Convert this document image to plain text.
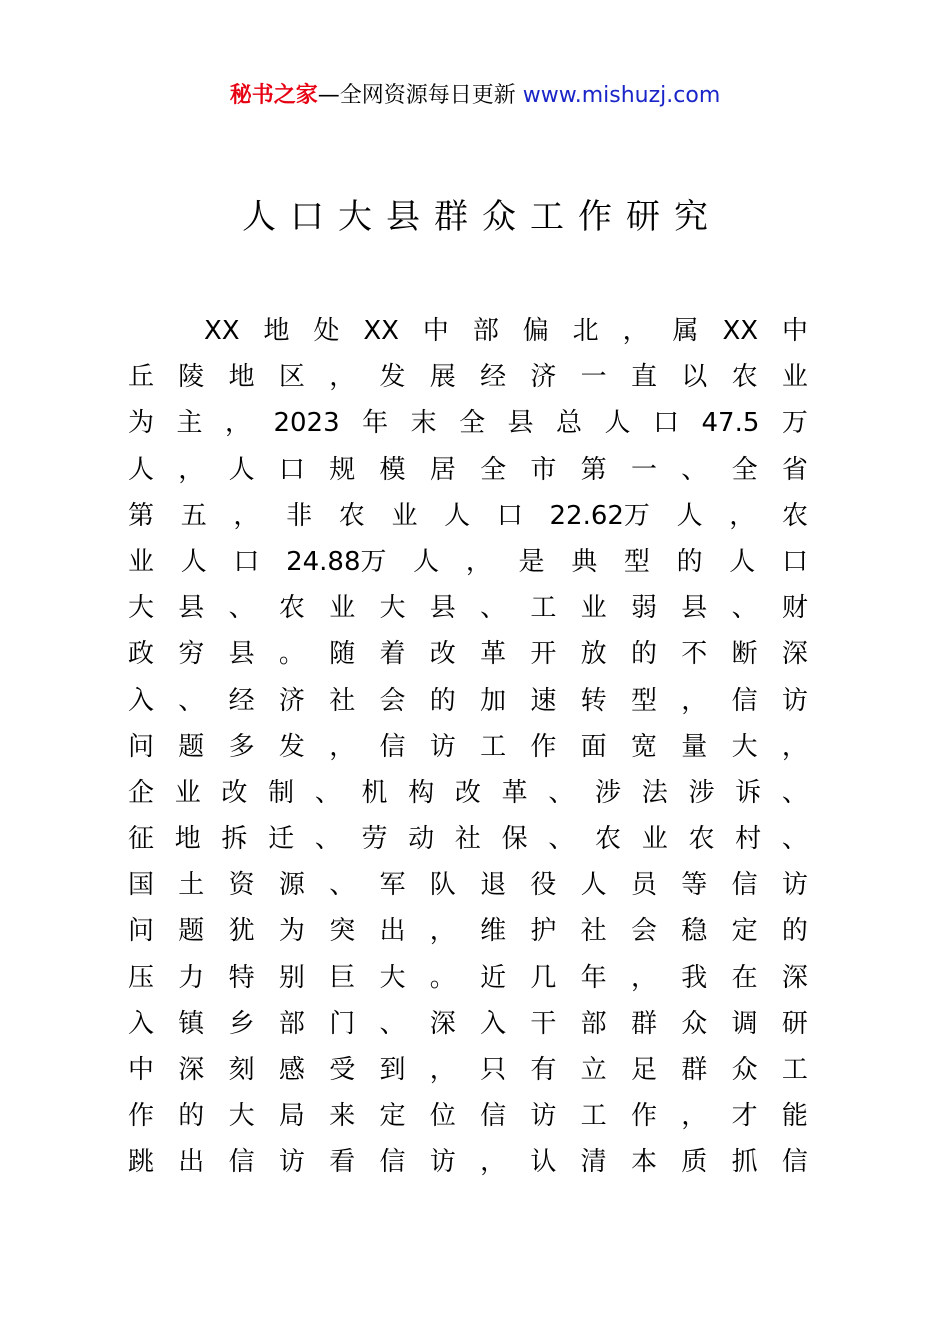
秘书之家—全网资源每日更新 www.mishuzj.com
人口大县群众工作研究
XX 地 处 XX 中 部 偏 北 ， 属 XX 中
丘 陵 地 区 ， 发 展 经 济 一 直 以 农 业
为 主 ， 2023 年 末 全 县 总 人 口 47.5 万
人 ， 人 口 规 模 居 全 市 第 一 、 全 省
第 五 ， 非 农 业 人 口 22.62万 人 ， 农
业 人 口 24.88万 人 ， 是 典 型 的 人 口
大 县 、 农 业 大 县 、 工 业 弱 县 、 财
政 穷 县 。 随 着 改 革 开 放 的 不 断 深
入 、 经 济 社 会 的 加 速 转 型 ， 信 访
问 题 多 发 ， 信 访 工 作 面 宽 量 大 ，
企 业 改 制 、 机 构 改 革 、 涉 法 涉 诉 、
征 地 拆 迁 、 劳 动 社 保 、 农 业 农 村 、
国 土 资 源 、 军 队 退 役 人 员 等 信 访
问 题 犹 为 突 出 ， 维 护 社 会 稳 定 的
压 力 特 别 巨 大 。 近 几 年 ， 我 在 深
入 镇 乡 部 门 、 深 入 干 部 群 众 调 研
中 深 刻 感 受 到 ， 只 有 立 足 群 众 工
作 的 大 局 来 定 位 信 访 工 作 ， 才 能
跳 出 信 访 看 信 访 ， 认 清 本 质 抓 信
